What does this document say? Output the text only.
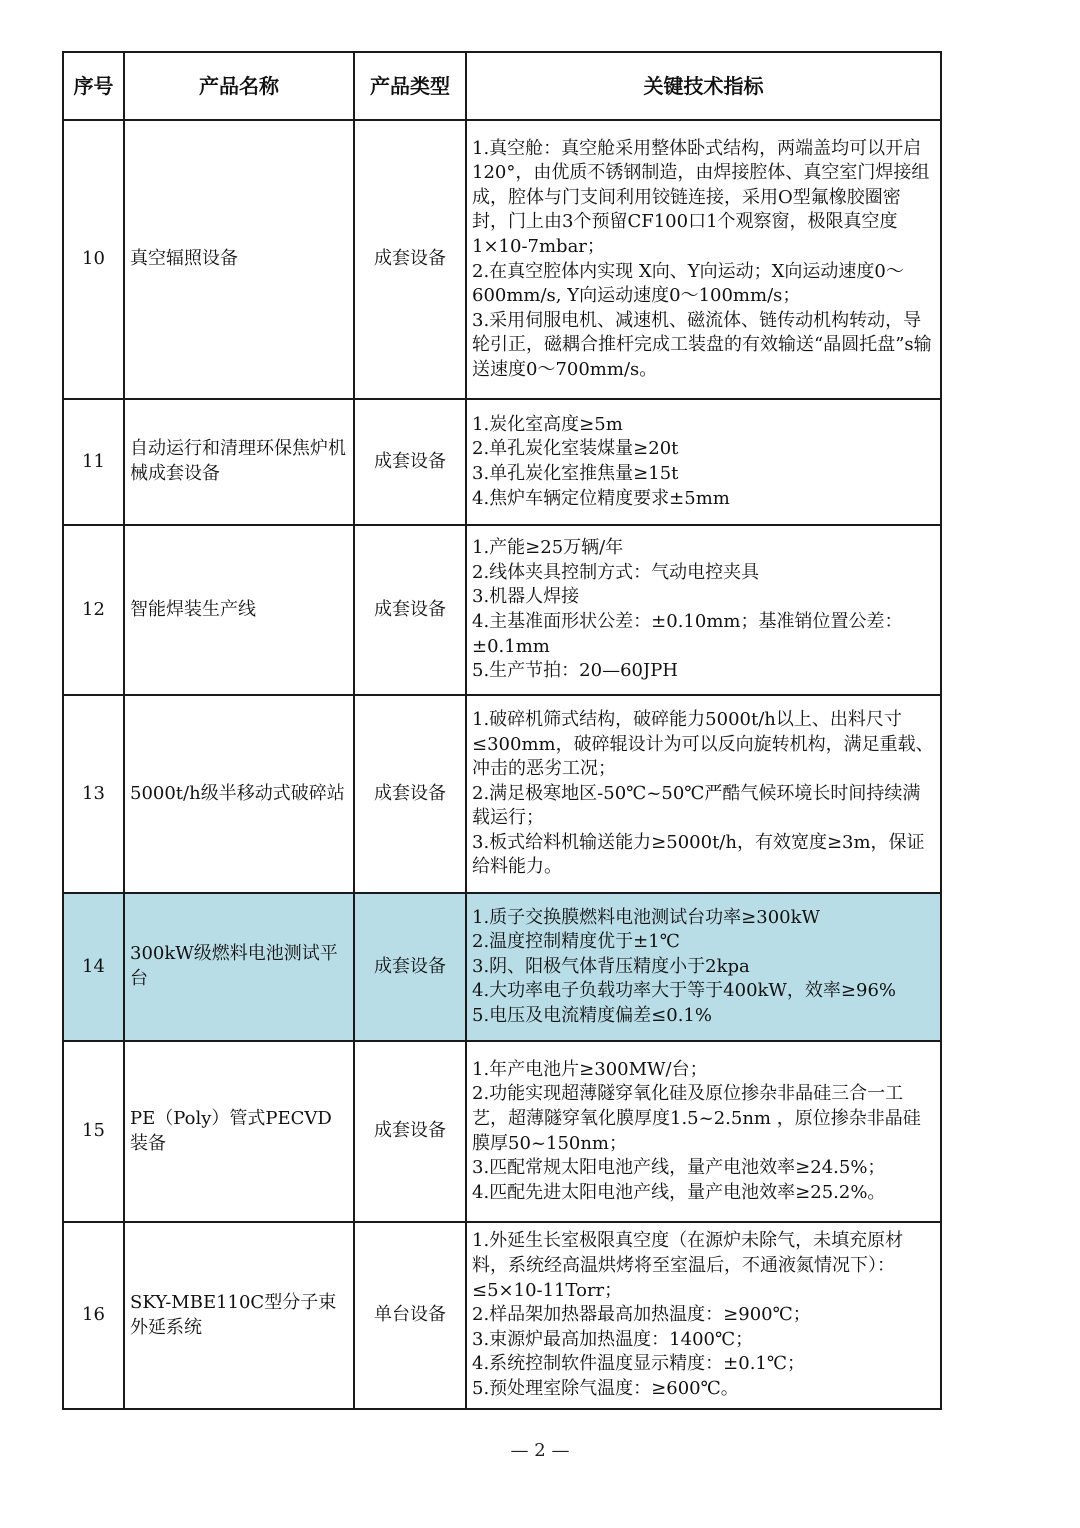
序号	产品名称	产品类型	关键技术指标
10	真空辐照设备	成套设备	1.真空舱：真空舱采用整体卧式结构，两端盖均可以开启120°，由优质不锈钢制造，由焊接腔体、真空室门焊接组成，腔体与门支间利用铰链连接，采用O型氟橡胶圈密封，门上由3个预留CF100口1个观察窗，极限真空度1×10-7mbar；
2.在真空腔体内实现 X向、Y向运动；X向运动速度0～600mm/s, Y向运动速度0～100mm/s；
3.采用伺服电机、减速机、磁流体、链传动机构转动，导轮引正，磁耦合推杆完成工装盘的有效输送“晶圆托盘”s输送速度0～700mm/s。

11	自动运行和清理环保焦炉机械成套设备	成套设备	1.炭化室高度≥5m
2.单孔炭化室装煤量≥20t
3.单孔炭化室推焦量≥15t
4.焦炉车辆定位精度要求±5mm

12	智能焊装生产线	成套设备	1.产能≥25万辆/年
2.线体夹具控制方式：气动电控夹具
3.机器人焊接
4.主基准面形状公差：±0.10mm；基准销位置公差：±0.1mm
5.生产节拍：20—60JPH

13	5000t/h级半移动式破碎站	成套设备	1.破碎机筛式结构，破碎能力5000t/h以上、出料尺寸≤300mm，破碎辊设计为可以反向旋转机构，满足重载、冲击的恶劣工况；
2.满足极寒地区-50℃~50℃严酷气候环境长时间持续满载运行；
3.板式给料机输送能力≥5000t/h，有效宽度≥3m，保证给料能力。

14	300kW级燃料电池测试平台	成套设备	1.质子交换膜燃料电池测试台功率≥300kW
2.温度控制精度优于±1℃
3.阴、阳极气体背压精度小于2kpa
4.大功率电子负载功率大于等于400kW，效率≥96%
5.电压及电流精度偏差≤0.1%

15	PE（Poly）管式PECVD装备	成套设备	1.年产电池片≥300MW/台；
2.功能实现超薄隧穿氧化硅及原位掺杂非晶硅三合一工艺，超薄隧穿氧化膜厚度1.5~2.5nm ，原位掺杂非晶硅膜厚50~150nm；
3.匹配常规太阳电池产线，量产电池效率≥24.5%；
4.匹配先进太阳电池产线，量产电池效率≥25.2%。

16	SKY-MBE110C型分子束外延系统	单台设备	1.外延生长室极限真空度（在源炉未除气，未填充原材料，系统经高温烘烤将至室温后，不通液氮情况下）：≤5×10-11Torr；
2.样品架加热器最高加热温度：≥900℃；
3.束源炉最高加热温度：1400℃；
4.系统控制软件温度显示精度：±0.1℃；
5.预处理室除气温度：≥600℃。
— 2 —
